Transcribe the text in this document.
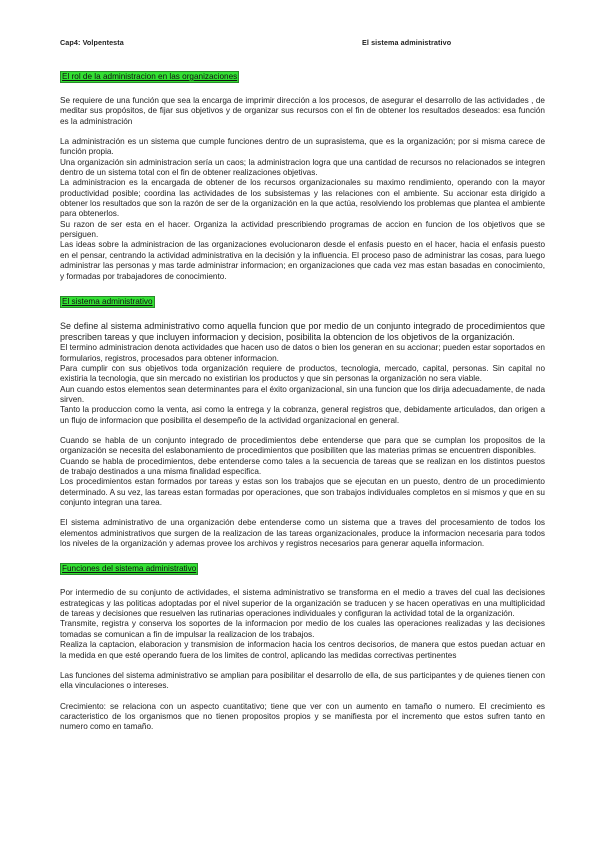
Cap4: Volpentesta	El sistema administrativo
El rol de la administracion en las organizaciones

Se requiere de una función que sea la encarga de imprimir dirección a los procesos, de asegurar el desarrollo de las actividades , de meditar sus propósitos, de fijar sus objetivos y de organizar sus recursos con el fin de obtener los resultados deseados: esa función es la administración

La administración es un sistema que cumple funciones dentro de un suprasistema, que es la organización; por si misma carece de función propia.

Una organización sin administracion sería un caos; la administracion logra que una cantidad de recursos no relacionados se integren dentro de un sistema total con el fin de obtener realizaciones objetivas.

La administracion es la encargada de obtener de los recursos organizacionales su maximo rendimiento, operando con la mayor productividad posible; coordina las actividades de los subsistemas y las relaciones con el ambiente. Su accionar esta dirigido a obtener los resultados que son la razón de ser de la organización en la que actúa, resolviendo los problemas que plantea el ambiente para obtenerlos.

Su razon de ser esta en el hacer. Organiza la actividad prescribiendo programas de accion en funcion de los objetivos que se persiguen.

Las ideas sobre la administracion de las organizaciones evolucionaron desde el enfasis puesto en el hacer, hacia el enfasis puesto en el pensar, centrando la actividad administrativa en la decisión y la influencia. El proceso paso de administrar las cosas, para luego administrar las personas y mas tarde administrar informacion; en organizaciones que cada vez mas estan basadas en conocimiento, y formadas por trabajadores de conocimiento.

El sistema administrativo

Se define al sistema administrativo como aquella funcion que por medio de un conjunto integrado de procedimientos que prescriben tareas y que incluyen informacion y decision, posibilita la obtencion de los objetivos de la organización.

El termino administracion denota actividades que hacen uso de datos o bien los generan en su accionar; pueden estar soportados en formularios, registros, procesados para obtener informacion.

Para cumplir con sus objetivos toda organización requiere de productos, tecnologia, mercado, capital, personas. Sin capital no existiria la tecnologia, que sin mercado no existirian los productos y que sin personas la organización no sera viable.

Aun cuando estos elementos sean determinantes para el éxito organizacional, sin una funcion que los dirija adecuadamente, de nada sirven.

Tanto la produccion como la venta, asi como la entrega y la cobranza, general registros que, debidamente articulados, dan origen a un flujo de informacion que posibilita el desempeño de la actividad organizacional en general.

Cuando se habla de un conjunto integrado de procedimientos debe entenderse que para que se cumplan los propositos de la organización se necesita del eslabonamiento de procedimientos que posibiliten que las materias primas se encuentren disponibles.

Cuando se habla de procedimientos, debe entenderse como tales a la secuencia de tareas que se realizan en los distintos puestos de trabajo destinados a una misma finalidad especifica.

Los procedimientos estan formados por tareas y estas son los trabajos que se ejecutan en un puesto, dentro de un procedimiento determinado. A su vez, las tareas estan formadas por operaciones, que son trabajos individuales completos en si mismos y que en su conjunto integran una tarea.

El sistema administrativo de una organización debe entenderse como un sistema que a traves del procesamiento de todos los elementos administrativos que surgen de la realizacion de las tareas organizacionales, produce la informacion necesaria para todos los niveles de la organización y ademas provee los archivos y registros necesarios para generar aquella informacion.

Funciones del sistema administrativo

Por intermedio de su conjunto de actividades, el sistema administrativo se transforma en el medio a traves del cual las decisiones estrategicas y las politicas adoptadas por el nivel superior de la organización se traducen y se hacen operativas en una multiplicidad de tareas y decisiones que resuelven las rutinarias operaciones individuales y configuran la actividad total de la organización.

Transmite, registra y conserva los soportes de la informacion por medio de los cuales las operaciones realizadas y las decisiones tomadas se comunican a fin de impulsar la realizacion de los trabajos.

Realiza la captacion, elaboracion y transmision de informacion hacia los centros decisorios, de manera que estos puedan actuar en la medida en que esté operando fuera de los limites de control, aplicando las medidas correctivas pertinentes

Las funciones del sistema administrativo se amplian para posibilitar el desarrollo de ella, de sus participantes y de quienes tienen con ella vinculaciones o intereses.

Crecimiento: se relaciona con un aspecto cuantitativo; tiene que ver con un aumento en tamaño o numero. El crecimiento es caracteristico de los organismos que no tienen propositos propios y se manifiesta por el incremento que estos sufren tanto en numero como en tamaño.
